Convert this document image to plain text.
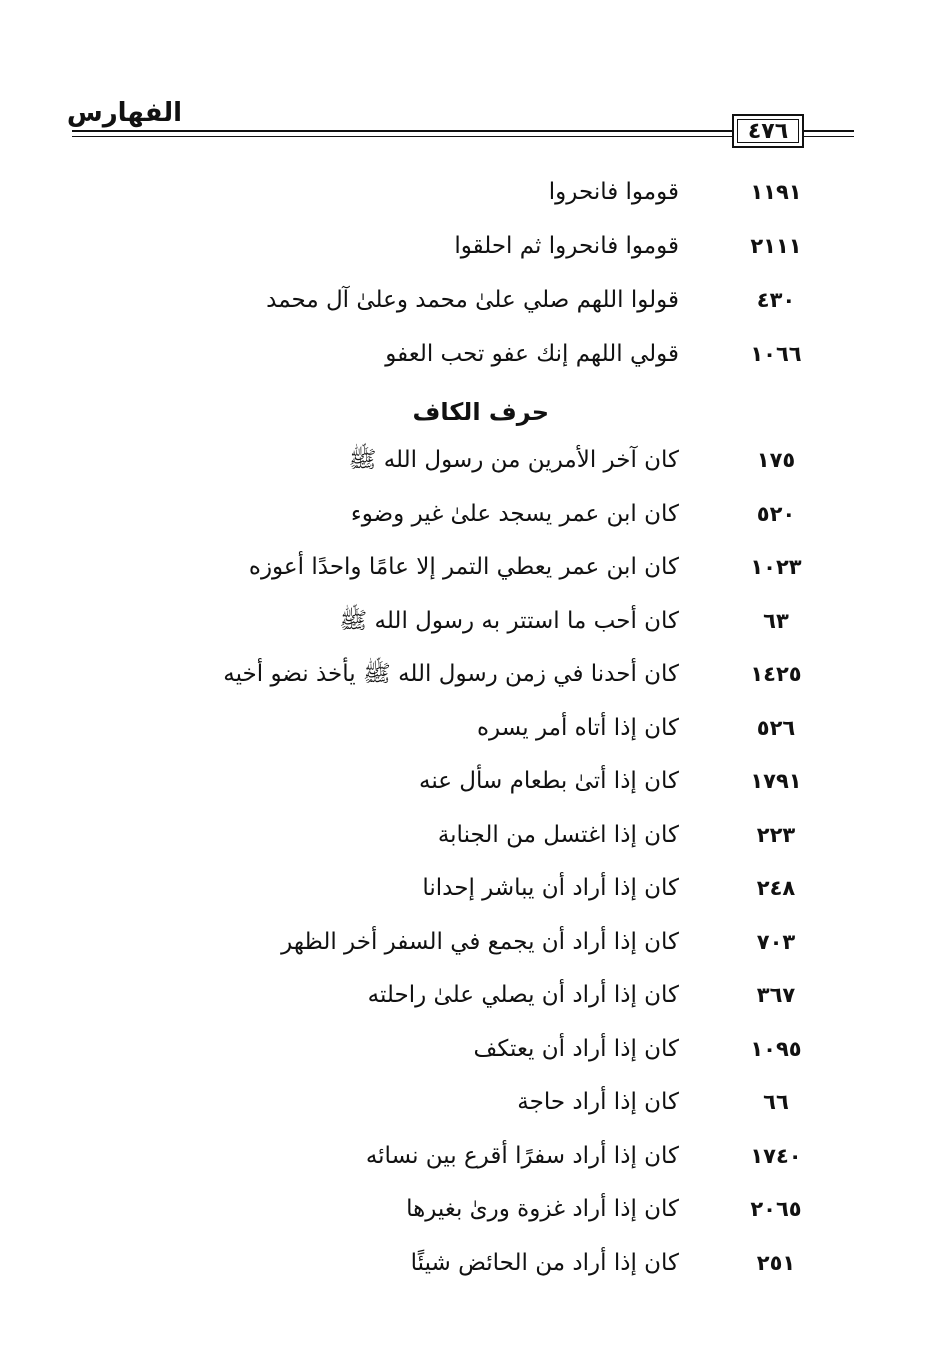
الفهارس
٤٧٦
١١٩١
قوموا فانحروا
٢١١١
قوموا فانحروا ثم احلقوا
٤٣٠
قولوا اللهم صلي علىٰ محمد وعلىٰ آل محمد
١٠٦٦
قولي اللهم إنك عفو تحب العفو
١٧٥
كان آخر الأمرين من رسول الله ﷺ
٥٢٠
كان ابن عمر يسجد علىٰ غير وضوء
١٠٢٣
كان ابن عمر يعطي التمر إلا عامًا واحدًا أعوزه
٦٣
كان أحب ما استتر به رسول الله ﷺ
١٤٢٥
كان أحدنا في زمن رسول الله ﷺ يأخذ نضو أخيه
٥٢٦
كان إذا أتاه أمر يسره
١٧٩١
كان إذا أتىٰ بطعام سأل عنه
٢٢٣
كان إذا اغتسل من الجنابة
٢٤٨
كان إذا أراد أن يباشر إحدانا
٧٠٣
كان إذا أراد أن يجمع في السفر أخر الظهر
٣٦٧
كان إذا أراد أن يصلي علىٰ راحلته
١٠٩٥
كان إذا أراد أن يعتكف
٦٦
كان إذا أراد حاجة
١٧٤٠
كان إذا أراد سفرًا أقرع بين نسائه
٢٠٦٥
كان إذا أراد غزوة ورىٰ بغيرها
٢٥١
كان إذا أراد من الحائض شيئًا
حرف الكاف
